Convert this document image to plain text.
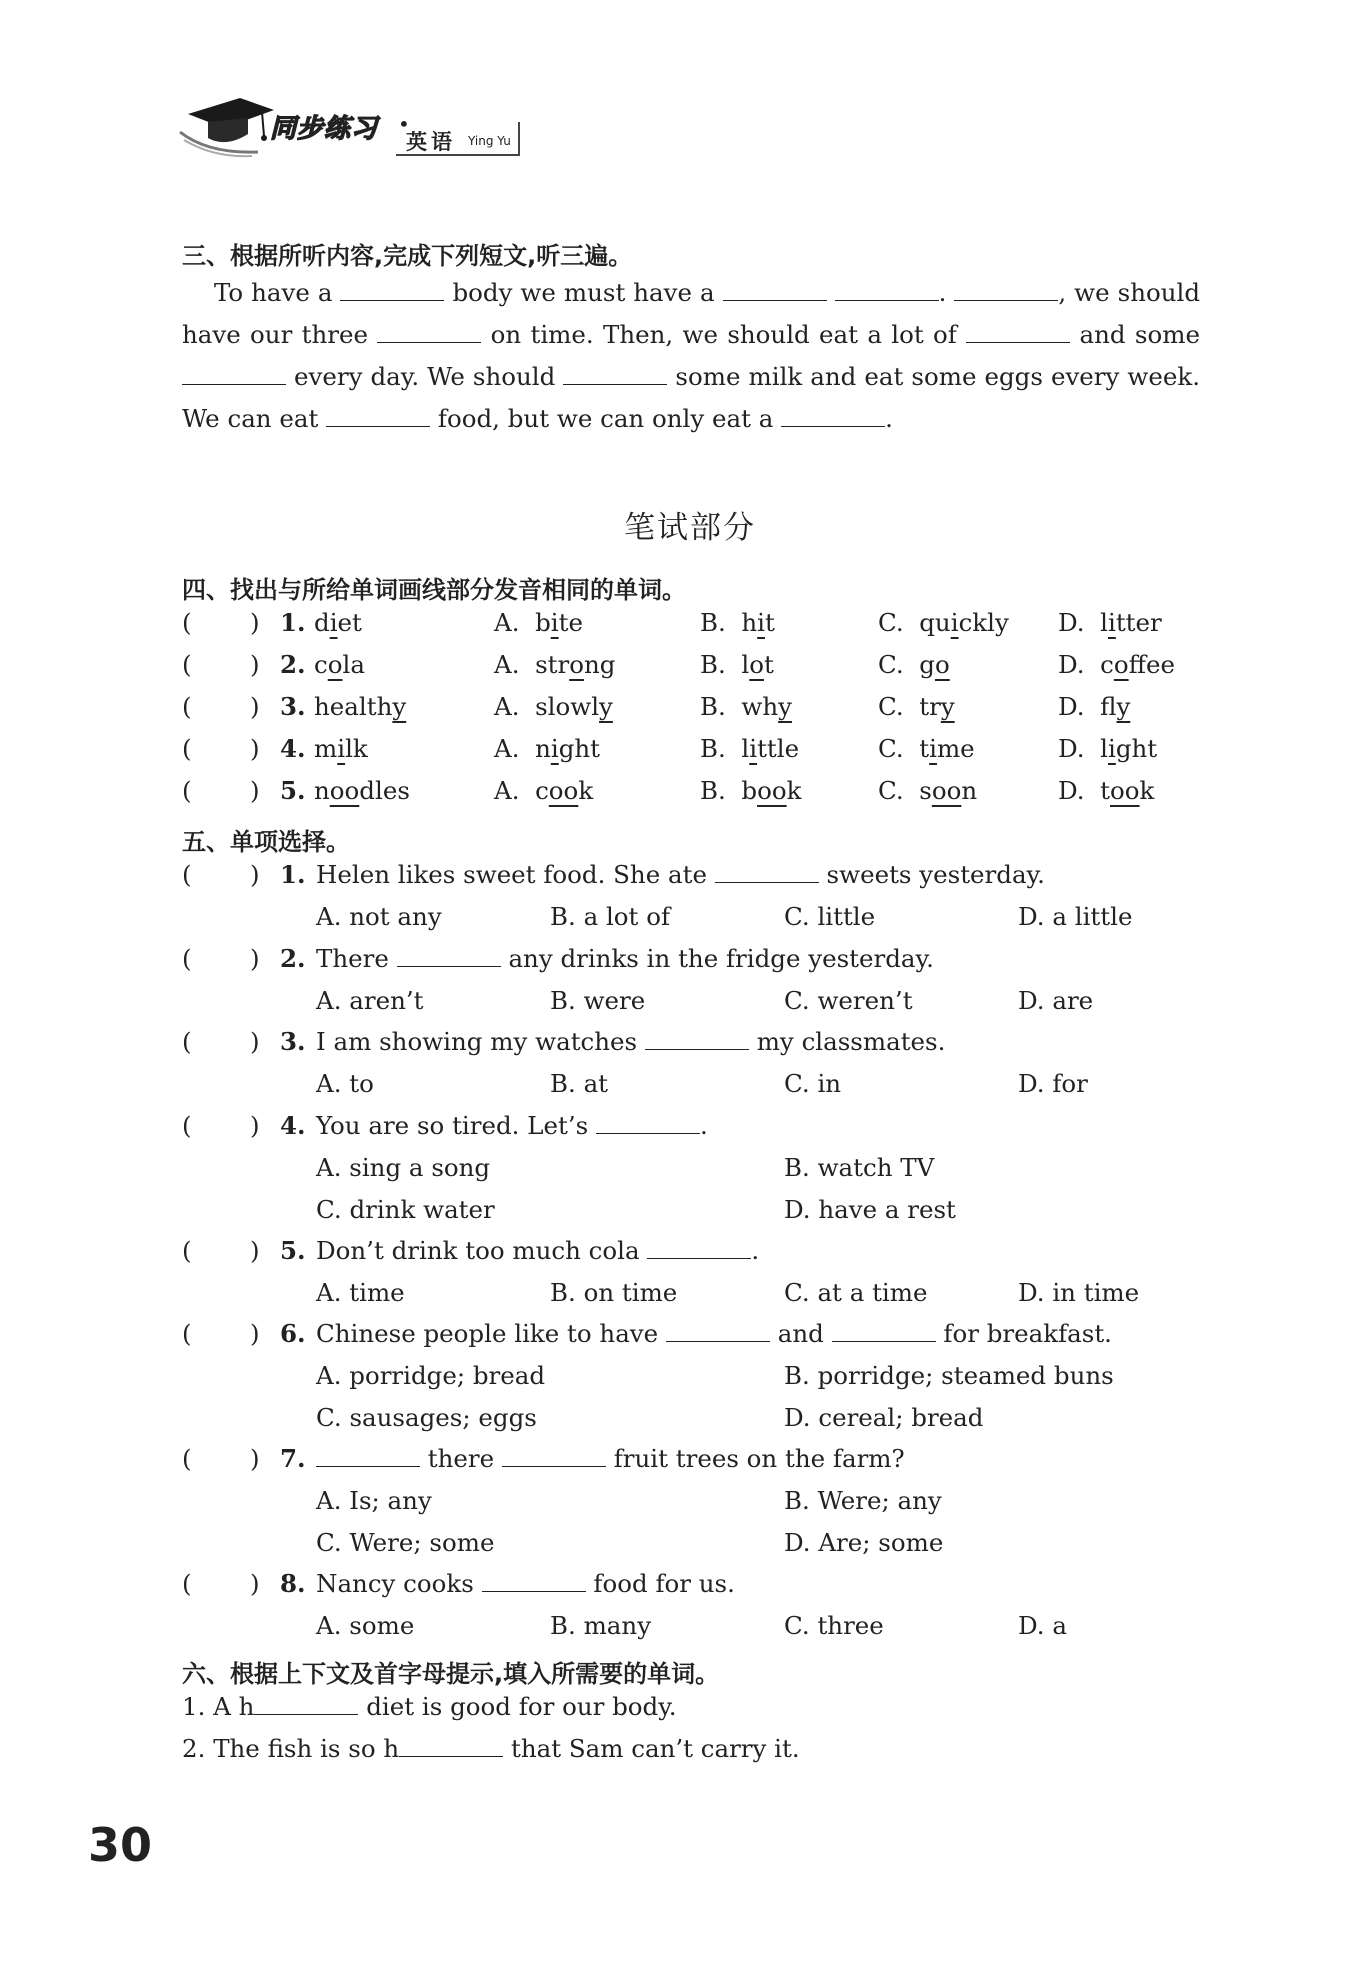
同步练习 •
英语 Ying Yu
三、根据所听内容,完成下列短文,听三遍。

To have a	body we must have a	.	, we should have our three	on time. Then, we should eat a lot of	and some  every day. We should	some milk and eat some eggs every week. We can eat	food, but we can only eat a	.

笔试部分
四、找出与所给单词画线部分发音相同的单词。
( ) 1. diet	A. bite	B. hit	C. quickly D. litter
( ) 2. cola	A. strong	B. lot	C. go	D. coffee
( ) 3. healthy	A. slowly	B. why	C. try	D. fly
( ) 4. milk	A. night	B. little	C. time	D. light
( ) 5. noodles	A. cook	B. book	C. soon	D. took
五、单项选择。
( ) 1. Helen likes sweet food. She ate	sweets yesterday.
A. not any	B. a lot of	C. little	D. a little
( ) 2. There	any drinks in the fridge yesterday.
A. aren’t	B. were	C. weren’t	D. are
( ) 3. I am showing my watches	my classmates.
A. to	B. at	C. in	D. for
( ) 4. You are so tired. Let’s	.
A. sing a song	B. watch TV
C. drink water	D. have a rest
( ) 5. Don’t drink too much cola	.
A. time	B. on time	C. at a time	D. in time
( ) 6. Chinese people like to have	and	for breakfast.
A. porridge; bread	B. porridge; steamed buns
C. sausages; eggs	D. cereal; bread
( ) 7.	there	fruit trees on the farm?
A. Is; any	B. Were; any
C. Were; some	D. Are; some
( ) 8. Nancy cooks	food for us.
A. some	B. many	C. three	D. a
六、根据上下文及首字母提示,填入所需要的单词。
1. A h	diet is good for our body.
2. The fish is so h	that Sam can’t carry it.
30
